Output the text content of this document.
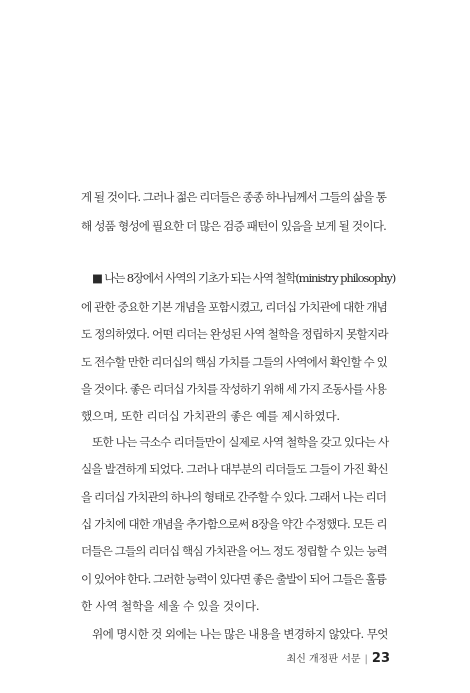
게 될 것이다. 그러나 젊은 리더들은 종종 하나님께서 그들의 삶을 통
해 성품 형성에 필요한 더 많은 검증 패턴이 있음을 보게 될 것이다.
■ 나는 8장에서 사역의 기초가 되는 사역 철학(ministry philosophy)
에 관한 중요한 기본 개념을 포함시켰고, 리더십 가치관에 대한 개념
도 정의하였다. 어떤 리더는 완성된 사역 철학을 정립하지 못할지라
도 전수할 만한 리더십의 핵심 가치를 그들의 사역에서 확인할 수 있
을 것이다. 좋은 리더십 가치를 작성하기 위해 세 가지 조동사를 사용
했으며, 또한 리더십 가치관의 좋은 예를 제시하였다.
또한 나는 극소수 리더들만이 실제로 사역 철학을 갖고 있다는 사
실을 발견하게 되었다. 그러나 대부분의 리더들도 그들이 가진 확신
을 리더십 가치관의 하나의 형태로 간주할 수 있다. 그래서 나는 리더
십 가치에 대한 개념을 추가함으로써 8장을 약간 수정했다. 모든 리
더들은 그들의 리더십 핵심 가치관을 어느 정도 정립할 수 있는 능력
이 있어야 한다. 그러한 능력이 있다면 좋은 출발이 되어 그들은 훌륭
한 사역 철학을 세울 수 있을 것이다.
위에 명시한 것 외에는 나는 많은 내용을 변경하지 않았다. 무엇
최신 개정판 서문 | 23
